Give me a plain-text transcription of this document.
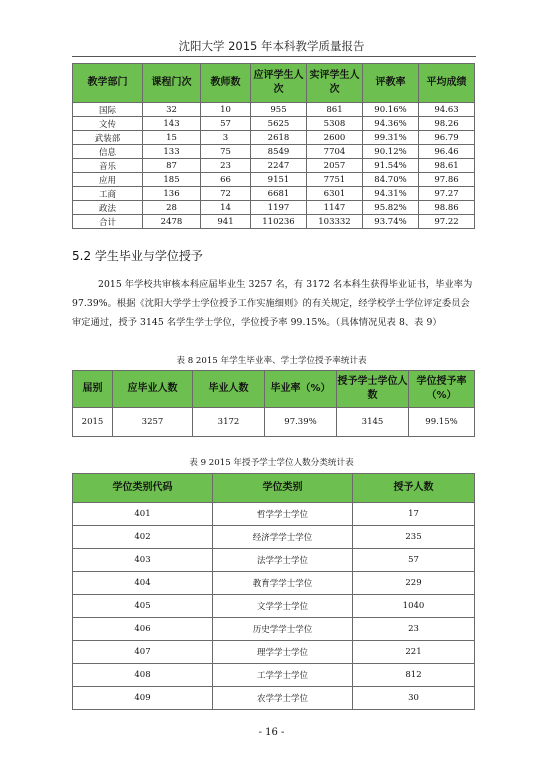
沈阳大学 2015 年本科教学质量报告
教学部门	课程门次	教师数	应评学生人次	实评学生人次	评教率	平均成绩
国际	32	10	955	861	90.16%	94.63
文传	143	57	5625	5308	94.36%	98.26
武装部	15	3	2618	2600	99.31%	96.79
信息	133	75	8549	7704	90.12%	96.46
音乐	87	23	2247	2057	91.54%	98.61
应用	185	66	9151	7751	84.70%	97.86
工商	136	72	6681	6301	94.31%	97.27
政法	28	14	1197	1147	95.82%	98.86
合计	2478	941	110236	103332	93.74%	97.22
5.2 学生毕业与学位授予

2015 年学校共审核本科应届毕业生 3257 名，有 3172 名本科生获得毕业证书，毕业率为 97.39%。根据《沈阳大学学士学位授予工作实施细则》的有关规定，经学校学士学位评定委员会审定通过，授予 3145 名学生学士学位，学位授予率 99.15%。（具体情况见表 8、表 9）

表 8 2015 年学生毕业率、学士学位授予率统计表
届别	应毕业人数	毕业人数	毕业率（%）	授予学士学位人数	学位授予率（%）
2015	3257	3172	97.39%	3145	99.15%
表 9 2015 年授予学士学位人数分类统计表
学位类别代码	学位类别	授予人数
401	哲学学士学位	17
402	经济学学士学位	235
403	法学学士学位	57
404	教育学学士学位	229
405	文学学士学位	1040
406	历史学学士学位	23
407	理学学士学位	221
408	工学学士学位	812
409	农学学士学位	30
- 16 -
